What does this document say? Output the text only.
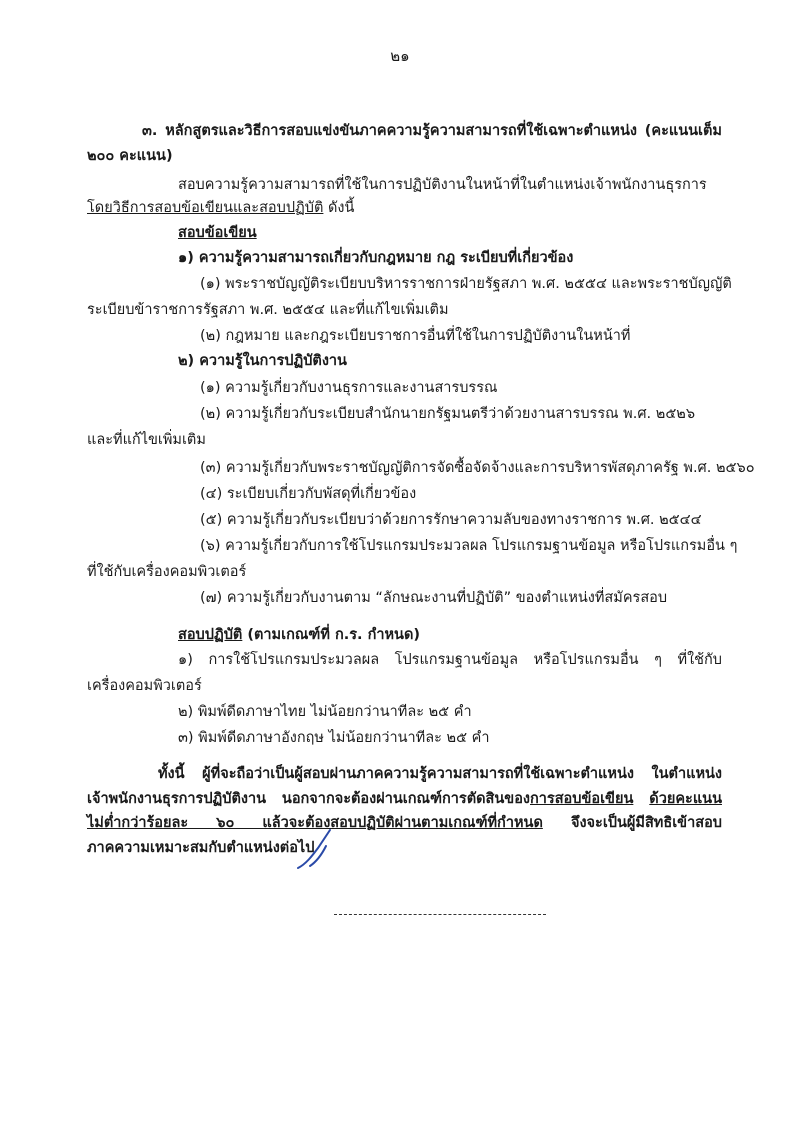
๒๑
๓. หลักสูตรและวิธีการสอบแข่งขันภาคความรู้ความสามารถที่ใช้เฉพาะตำแหน่ง (คะแนนเต็ม
๒๐๐ คะแนน)
สอบความรู้ความสามารถที่ใช้ในการปฏิบัติงานในหน้าที่ในตำแหน่งเจ้าพนักงานธุรการ
โดยวิธีการสอบข้อเขียนและสอบปฏิบัติ ดังนี้
สอบข้อเขียน
๑) ความรู้ความสามารถเกี่ยวกับกฎหมาย กฎ ระเบียบที่เกี่ยวข้อง
(๑) พระราชบัญญัติระเบียบบริหารราชการฝ่ายรัฐสภา พ.ศ. ๒๕๕๔ และพระราชบัญญัติ
ระเบียบข้าราชการรัฐสภา พ.ศ. ๒๕๕๔ และที่แก้ไขเพิ่มเติม
(๒) กฎหมาย และกฎระเบียบราชการอื่นที่ใช้ในการปฏิบัติงานในหน้าที่
๒) ความรู้ในการปฏิบัติงาน
(๑) ความรู้เกี่ยวกับงานธุรการและงานสารบรรณ
(๒) ความรู้เกี่ยวกับระเบียบสำนักนายกรัฐมนตรีว่าด้วยงานสารบรรณ พ.ศ. ๒๕๒๖
และที่แก้ไขเพิ่มเติม
(๓) ความรู้เกี่ยวกับพระราชบัญญัติการจัดซื้อจัดจ้างและการบริหารพัสดุภาครัฐ พ.ศ. ๒๕๖๐
(๔) ระเบียบเกี่ยวกับพัสดุที่เกี่ยวข้อง
(๕) ความรู้เกี่ยวกับระเบียบว่าด้วยการรักษาความลับของทางราชการ พ.ศ. ๒๕๔๔
(๖) ความรู้เกี่ยวกับการใช้โปรแกรมประมวลผล โปรแกรมฐานข้อมูล หรือโปรแกรมอื่น ๆ
ที่ใช้กับเครื่องคอมพิวเตอร์
(๗) ความรู้เกี่ยวกับงานตาม “ลักษณะงานที่ปฏิบัติ” ของตำแหน่งที่สมัครสอบ
สอบปฏิบัติ (ตามเกณฑ์ที่ ก.ร. กำหนด)
๑) การใช้โปรแกรมประมวลผล โปรแกรมฐานข้อมูล หรือโปรแกรมอื่น ๆ ที่ใช้กับ
เครื่องคอมพิวเตอร์
๒) พิมพ์ดีดภาษาไทย ไม่น้อยกว่านาทีละ ๒๕ คำ
๓) พิมพ์ดีดภาษาอังกฤษ ไม่น้อยกว่านาทีละ ๒๕ คำ
ทั้งนี้ ผู้ที่จะถือว่าเป็นผู้สอบผ่านภาคความรู้ความสามารถที่ใช้เฉพาะตำแหน่ง ในตำแหน่ง
เจ้าพนักงานธุรการปฏิบัติงาน นอกจากจะต้องผ่านเกณฑ์การตัดสินของการสอบข้อเขียน ด้วยคะแนน
ไม่ต่ำกว่าร้อยละ ๖๐ แล้วจะต้องสอบปฏิบัติผ่านตามเกณฑ์ที่กำหนด จึงจะเป็นผู้มีสิทธิเข้าสอบ
ภาคความเหมาะสมกับตำแหน่งต่อไป
